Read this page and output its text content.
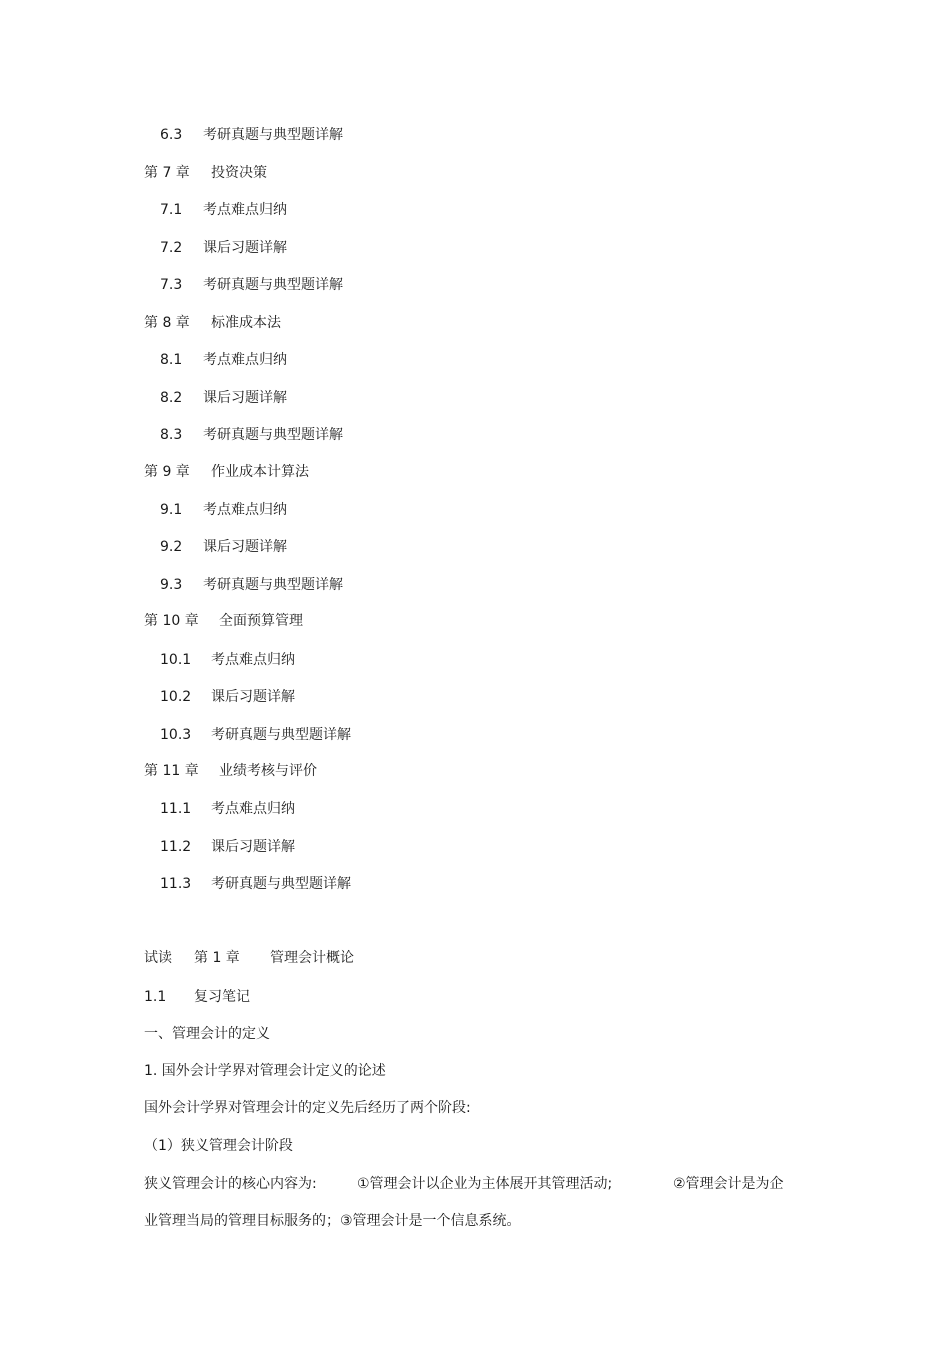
6.3 考研真题与典型题详解
第 7 章 投资决策
7.1 考点难点归纳
7.2 课后习题详解
7.3 考研真题与典型题详解
第 8 章 标准成本法
8.1 考点难点归纳
8.2 课后习题详解
8.3 考研真题与典型题详解
第 9 章 作业成本计算法
9.1 考点难点归纳
9.2 课后习题详解
9.3 考研真题与典型题详解
第 10 章 全面预算管理
10.1 考点难点归纳
10.2 课后习题详解
10.3 考研真题与典型题详解
第 11 章 业绩考核与评价
11.1 考点难点归纳
11.2 课后习题详解
11.3 考研真题与典型题详解
试读 第 1 章 管理会计概论
1.1 复习笔记
一、管理会计的定义
1. 国外会计学界对管理会计定义的论述
国外会计学界对管理会计的定义先后经历了两个阶段:
（1）狭义管理会计阶段
狭义管理会计的核心内容为:	①管理会计以企业为主体展开其管理活动;	②管理会计是为企
业管理当局的管理目标服务的；③管理会计是一个信息系统。
